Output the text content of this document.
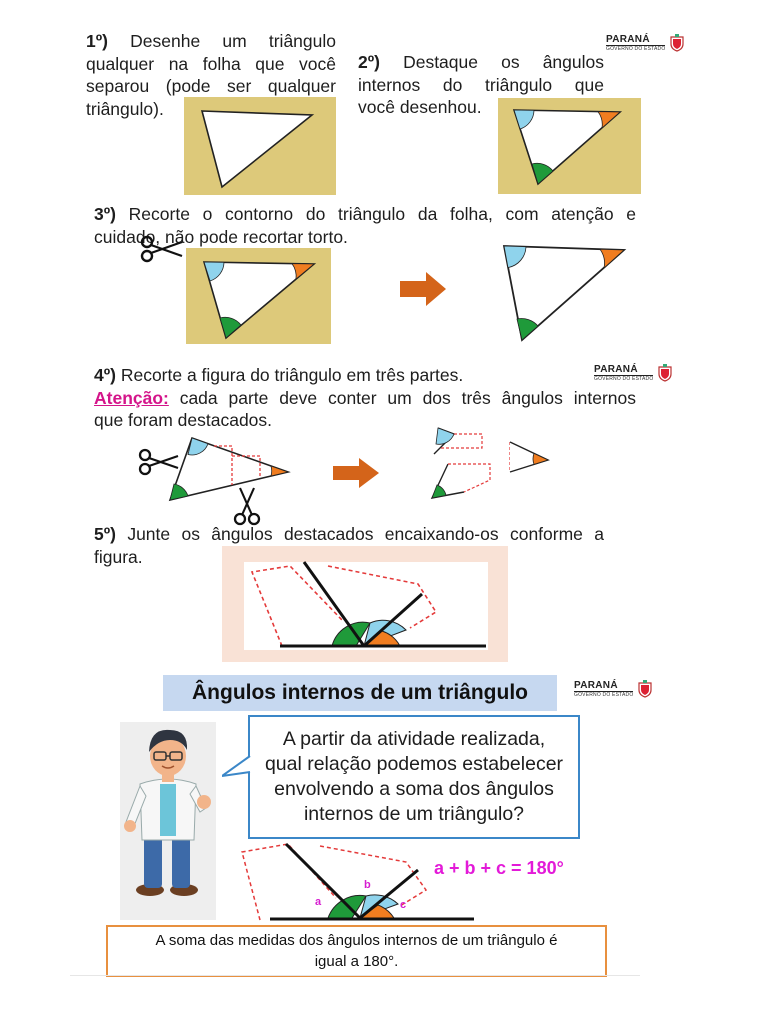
1º) Desenhe um triângulo
qualquer na folha que você
separou (pode ser qualquer
triângulo).
PARANÁ
GOVERNO DO ESTADO
2º) Destaque os ângulos
internos do triângulo que
você desenhou.
3º) Recorte o contorno do triângulo da folha, com atenção e
cuidado, não pode recortar torto.
PARANÁ
GOVERNO DO ESTADO
4º) Recorte a figura do triângulo em três partes.
Atenção: cada parte deve conter um dos três ângulos internos
que foram destacados.
5º) Junte os ângulos destacados encaixando-os conforme a
figura.
Ângulos internos de um triângulo	PARANÁ
GOVERNO DO ESTADO
A partir da atividade realizada,
qual relação podemos estabelecer
envolvendo a soma dos ângulos
internos de um triângulo?
a
b
c
a + b + c = 180°
A soma das medidas dos ângulos internos de um triângulo é
igual a 180°.
